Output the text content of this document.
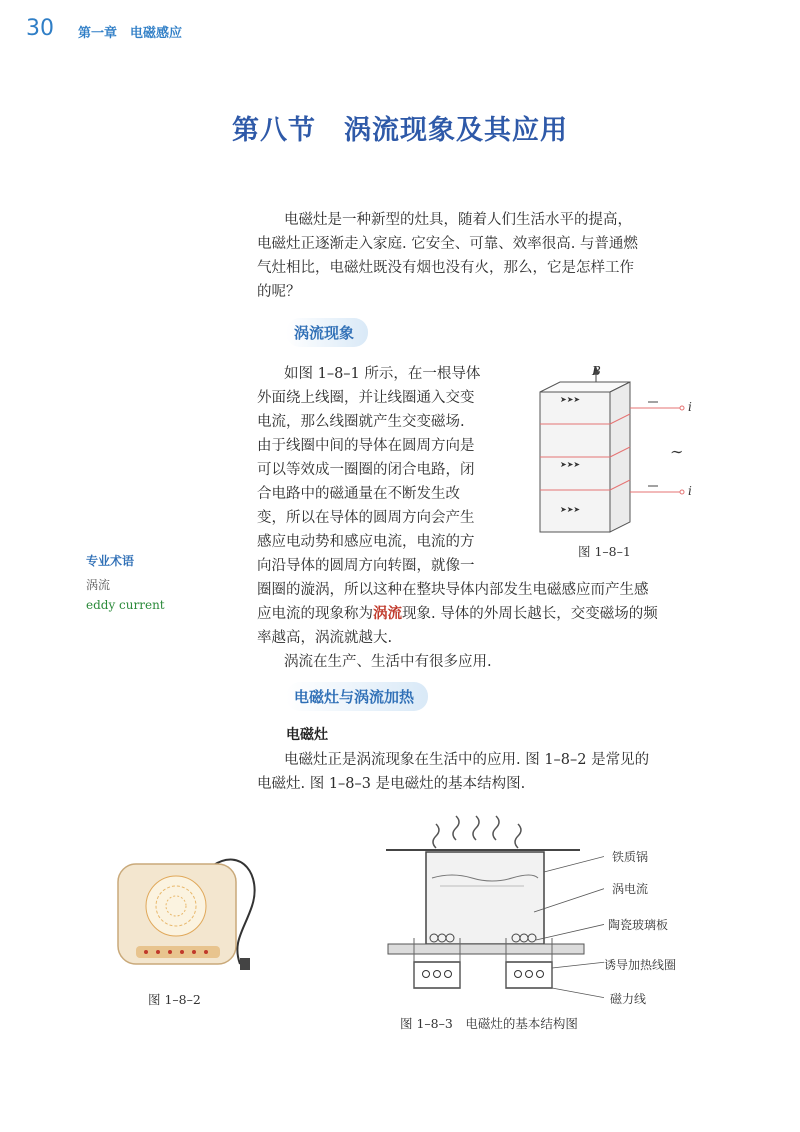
30 第一章　电磁感应
第八节　涡流现象及其应用
电磁灶是一种新型的灶具，随着人们生活水平的提高，
电磁灶正逐渐走入家庭. 它安全、可靠、效率很高. 与普通燃
气灶相比，电磁灶既没有烟也没有火，那么，它是怎样工作
的呢？
涡流现象
如图 1–8–1 所示，在一根导体
外面绕上线圈，并让线圈通入交变
电流，那么线圈就产生交变磁场.
由于线圈中间的导体在圆周方向是
可以等效成一圈圈的闭合电路，闭
合电路中的磁通量在不断发生改
变，所以在导体的圆周方向会产生
感应电动势和感应电流，电流的方
向沿导体的圆周方向转圈，就像一
圈圈的漩涡，所以这种在整块导体内部发生电磁感应而产生感
应电流的现象称为涡流现象. 导体的外周长越长，交变磁场的频
率越高，涡流就越大.
涡流在生产、生活中有很多应用.
➤➤➤
➤➤➤
➤➤➤
B
i
i
∼
图 1–8–1
专业术语
涡流
eddy current
电磁灶与涡流加热
电磁灶
电磁灶正是涡流现象在生活中的应用. 图 1–8–2 是常见的
电磁灶. 图 1–8–3 是电磁灶的基本结构图.
图 1–8–2
铁质锅
涡电流
陶瓷玻璃板
诱导加热线圈
磁力线
图 1–8–3　电磁灶的基本结构图
